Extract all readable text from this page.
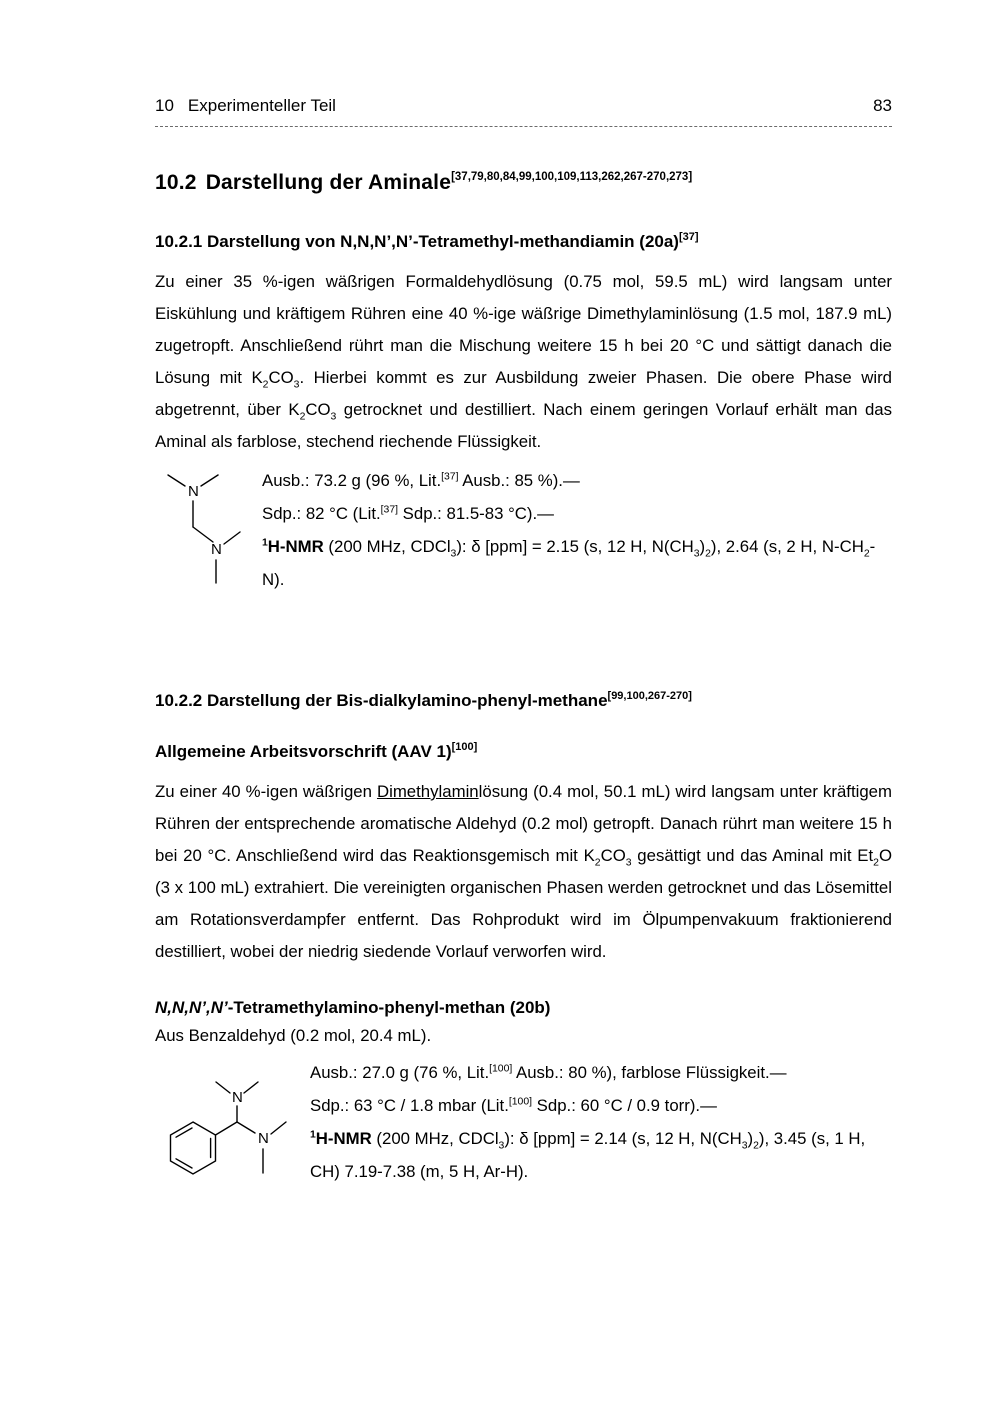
10 Experimenteller Teil	83
10.2 Darstellung der Aminale[37,79,80,84,99,100,109,113,262,267-270,273]
10.2.1 Darstellung von N,N,N’,N’-Tetramethyl-methandiamin (20a)[37]

Zu einer 35 %-igen wäßrigen Formaldehydlösung (0.75 mol, 59.5 mL) wird langsam unter Eiskühlung und kräftigem Rühren eine 40 %-ige wäßrige Dimethylaminlösung (1.5 mol, 187.9 mL) zugetropft. Anschließend rührt man die Mischung weitere 15 h bei 20 °C und sättigt danach die Lösung mit $K_2CO_3$. Hierbei kommt es zur Ausbildung zweier Phasen. Die obere Phase wird abgetrennt, über $K_2CO_3$ getrocknet und destilliert. Nach einem geringen Vorlauf erhält man das Aminal als farblose, stechend riechende Flüssigkeit.

N
N

Ausb.: 73.2 g (96 %, Lit.[37] Ausb.: 85 %).—

Sdp.: 82 °C (Lit.[37] Sdp.: 81.5-83 °C).—

$^1$H-NMR (200 MHz, CDCl$_3$): δ [ppm] = 2.15 (s, 12 H, $N(CH_3)_2$), 2.64 (s, 2 H, $N-CH_2-N$).

10.2.2 Darstellung der Bis-dialkylamino-phenyl-methane[99,100,267-270]
Allgemeine Arbeitsvorschrift (AAV 1)[100]

Zu einer 40 %-igen wäßrigen Dimethylaminlösung (0.4 mol, 50.1 mL) wird langsam unter kräftigem Rühren der entsprechende aromatische Aldehyd (0.2 mol) getropft. Danach rührt man weitere 15 h bei 20 °C. Anschließend wird das Reaktionsgemisch mit $K_2CO_3$ gesättigt und das Aminal mit $Et_2O$ (3 x 100 mL) extrahiert. Die vereinigten organischen Phasen werden getrocknet und das Lösemittel am Rotationsverdampfer entfernt. Das Rohprodukt wird im Ölpumpenvakuum fraktionierend destilliert, wobei der niedrig siedende Vorlauf verworfen wird.

N,N,N’,N’-Tetramethylamino-phenyl-methan (20b)

Aus Benzaldehyd (0.2 mol, 20.4 mL).

N
N

Ausb.: 27.0 g (76 %, Lit.[100] Ausb.: 80 %), farblose Flüssigkeit.—

Sdp.: 63 °C / 1.8 mbar (Lit.[100] Sdp.: 60 °C / 0.9 torr).—

$^1$H-NMR (200 MHz, CDCl$_3$): δ [ppm] = 2.14 (s, 12 H, $N(CH_3)_2$), 3.45 (s, 1 H, CH) 7.19-7.38 (m, 5 H, Ar-H).
